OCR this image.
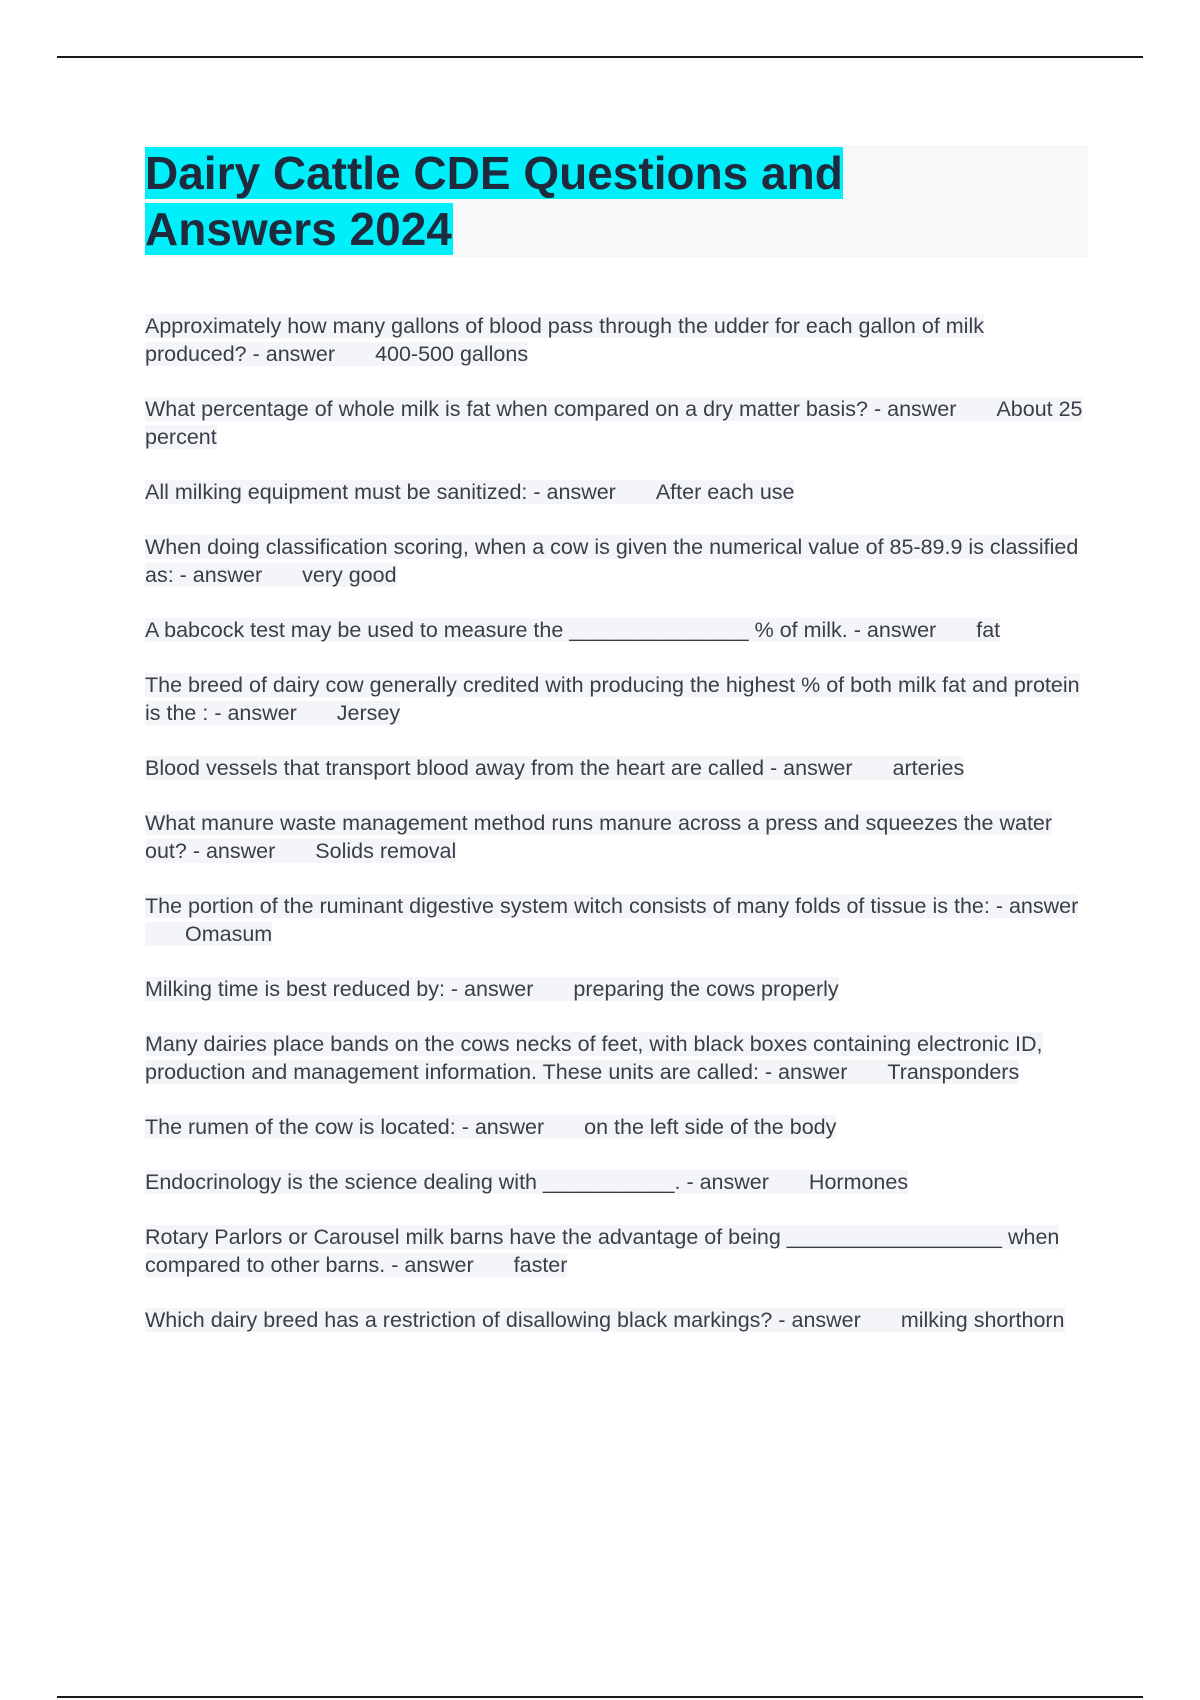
Dairy Cattle CDE Questions and Answers 2024
Approximately how many gallons of blood pass through the udder for each gallon of milk produced? - answer 400-500 gallons
What percentage of whole milk is fat when compared on a dry matter basis? - answer About 25 percent
All milking equipment must be sanitized: - answer After each use
When doing classification scoring, when a cow is given the numerical value of 85-89.9 is classified as: - answer very good
A babcock test may be used to measure the _______________ % of milk. - answer fat
The breed of dairy cow generally credited with producing the highest % of both milk fat and protein is the : - answer Jersey
Blood vessels that transport blood away from the heart are called - answer arteries
What manure waste management method runs manure across a press and squeezes the water out? - answer Solids removal
The portion of the ruminant digestive system witch consists of many folds of tissue is the: - answerOmasum
Milking time is best reduced by: - answer preparing the cows properly
Many dairies place bands on the cows necks of feet, with black boxes containing electronic ID, production and management information. These units are called: - answer Transponders
The rumen of the cow is located: - answer on the left side of the body
Endocrinology is the science dealing with ___________. - answer Hormones
Rotary Parlors or Carousel milk barns have the advantage of being __________________ when compared to other barns. - answer faster
Which dairy breed has a restriction of disallowing black markings? - answer milking shorthorn
